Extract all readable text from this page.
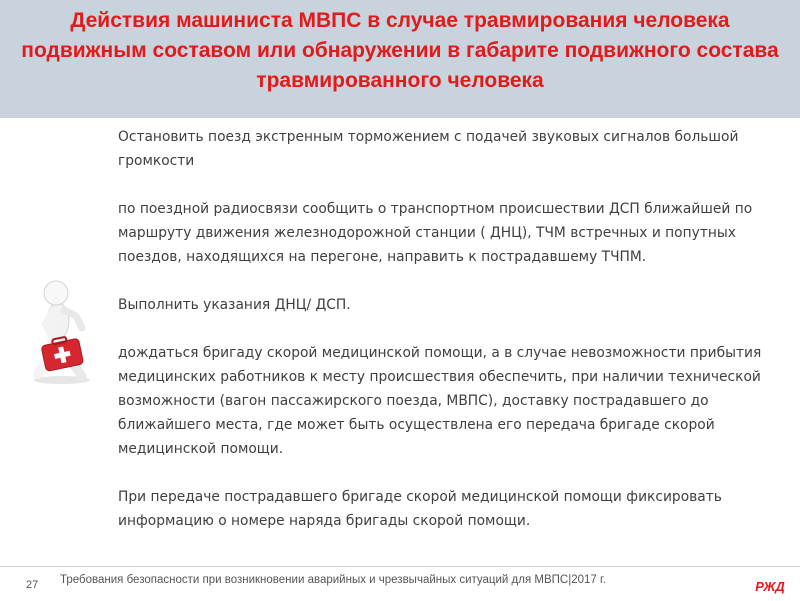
Действия машиниста МВПС в случае травмирования человека подвижным составом или обнаружении в габарите подвижного состава травмированного человека

Остановить поезд экстренным торможением с подачей звуковых сигналов большой громкости

по поездной радиосвязи сообщить о транспортном происшествии ДСП ближайшей по маршруту движения железнодорожной станции ( ДНЦ), ТЧМ встречных и попутных поездов, находящихся на перегоне, направить к пострадавшему ТЧПМ.

Выполнить указания ДНЦ/ ДСП.

дождаться бригаду скорой медицинской помощи, а в случае невозможности прибытия медицинских работников к месту происшествия обеспечить, при наличии технической возможности (вагон пассажирского поезда, МВПС), доставку пострадавшего до ближайшего места, где может быть осуществлена его передача бригаде скорой медицинской помощи.

При передаче пострадавшего бригаде скорой медицинской помощи фиксировать информацию о номере наряда бригады скорой помощи.
27 Требования безопасности при возникновении аварийных и чрезвычайных ситуаций для МВПС|2017 г.	РЖД
